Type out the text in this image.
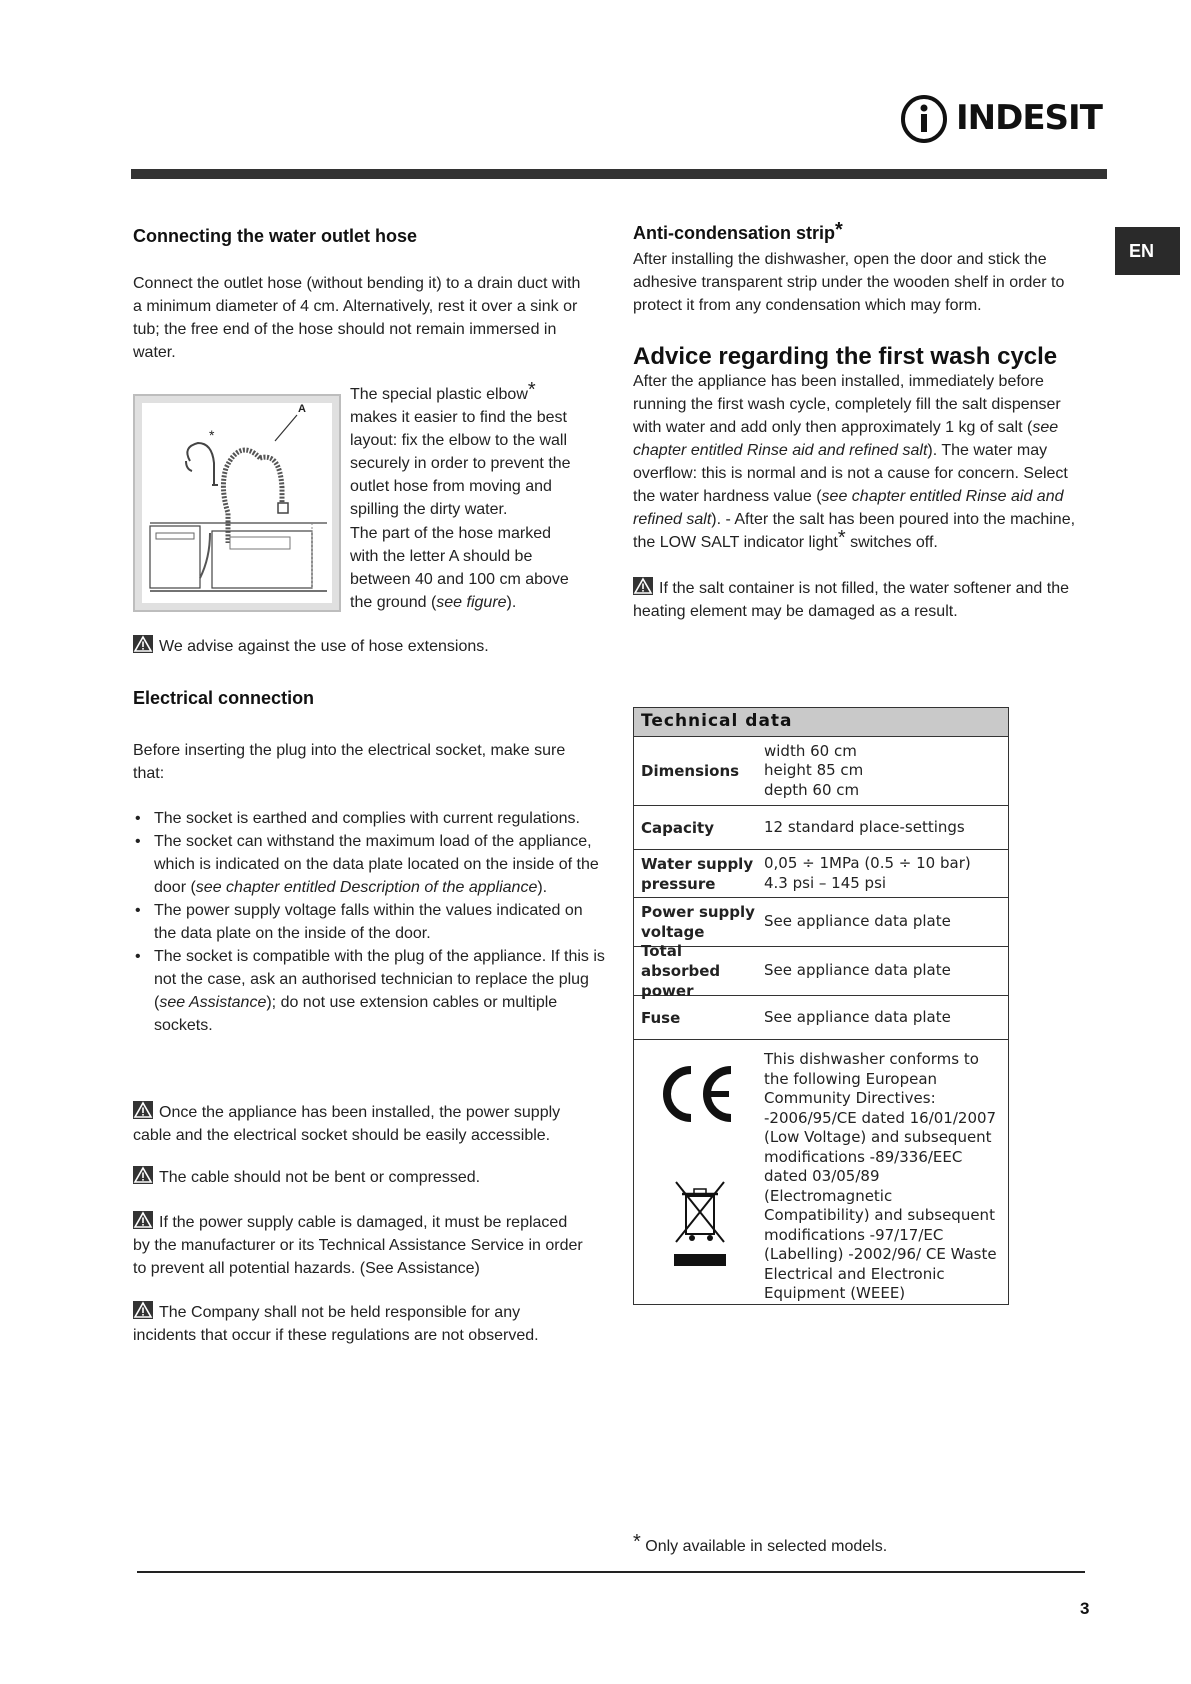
INDESIT
EN
Connecting the water outlet hose

Connect the outlet hose (without bending it) to a drain duct with a minimum diameter of 4 cm. Alternatively, rest it over a sink or tub; the free end of the hose should not remain immersed in water.

A
*

The special plastic elbow* makes it easier to find the best layout: fix the elbow to the wall securely in order to prevent the outlet hose from moving and spilling the dirty water.

The part of the hose marked with the letter A should be between 40 and 100 cm above the ground (see figure).

We advise against the use of hose extensions.

Electrical connection

Before inserting the plug into the electrical socket, make sure that:

• The socket is earthed and complies with current regulations.
• The socket can withstand the maximum load of the appliance, which is indicated on the data plate located on the inside of the door (see chapter entitled Description of the appliance).
• The power supply voltage falls within the values indicated on the data plate on the inside of the door.
• The socket is compatible with the plug of the appliance. If this is not the case, ask an authorised technician to replace the plug (see Assistance); do not use extension cables or multiple sockets.

Once the appliance has been installed, the power supply cable and the electrical socket should be easily accessible.

The cable should not be bent or compressed.

If the power supply cable is damaged, it must be replaced by the manufacturer or its Technical Assistance Service in order to prevent all potential hazards. (See Assistance)

The Company shall not be held responsible for any incidents that occur if these regulations are not observed.

Anti-condensation strip*

After installing the dishwasher, open the door and stick the adhesive transparent strip under the wooden shelf in order to protect it from any condensation which may form.

Advice regarding the first wash cycle

After the appliance has been installed, immediately before running the first wash cycle, completely fill the salt dispenser with water and add only then approximately 1 kg of salt (see chapter entitled Rinse aid and refined salt). The water may overflow: this is normal and is not a cause for concern. Select the water hardness value (see chapter entitled Rinse aid and refined salt). - After the salt has been poured into the machine, the LOW SALT indicator light* switches off.

If the salt container is not filled, the water softener and the heating element may be damaged as a result.

Technical data
Dimensions
width 60 cm
height 85 cm
depth 60 cm
Capacity	12 standard place-settings
Water supply pressure
0,05 ÷ 1MPa (0.5 ÷ 10 bar)
4.3 psi – 145 psi
Power supply voltage
See appliance data plate
Total absorbed power
See appliance data plate
Fuse	See appliance data plate
This dishwasher conforms to the following European Community Directives: -2006/95/CE dated 16/01/2007 (Low Voltage) and subsequent modifications -89/336/EEC dated 03/05/89 (Electromagnetic Compatibility) and subsequent modifications -97/17/EC (Labelling) -2002/96/ CE Waste Electrical and Electronic Equipment (WEEE)

* Only available in selected models.

3
